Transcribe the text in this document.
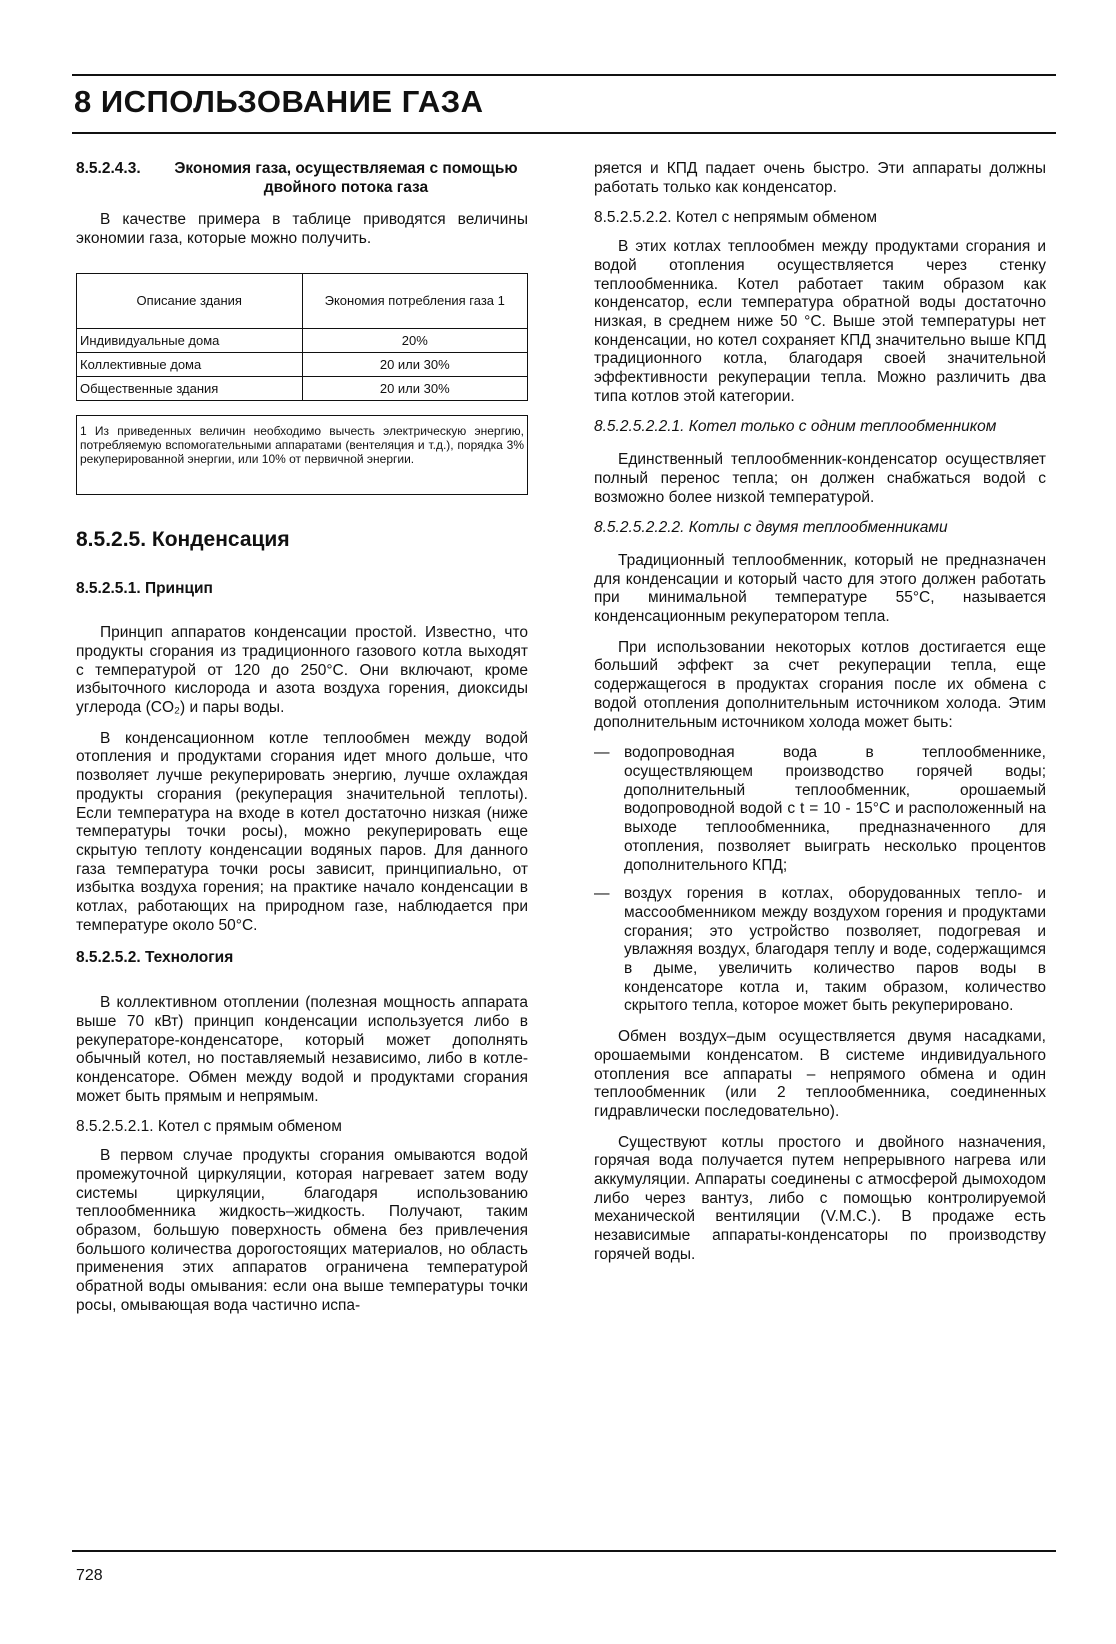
8 ИСПОЛЬЗОВАНИЕ ГАЗА
8.5.2.4.3. Экономия газа, осуществляемая с помощью двойного потока газа

В качестве примера в таблице приводятся величины экономии газа, которые можно получить.

Описание здания	Экономия потребления газа 1
Индивидуальные дома	20%
Коллективные дома	20 или 30%
Общественные здания	20 или 30%

1 Из приведенных величин необходимо вычесть электрическую энергию, потребляемую вспомогательными аппаратами (вентеляция и т.д.), порядка 3% рекуперированной энергии, или 10% от первичной энергии.	
8.5.2.5. Конденсация
8.5.2.5.1. Принцип

Принцип аппаратов конденсации простой. Известно, что продукты сгорания из традиционного газового котла выходят с температурой от 120 до 250°C. Они включают, кроме избыточного кислорода и азота воздуха горения, диоксиды углерода (CO₂) и пары воды.

В конденсационном котле теплообмен между водой отопления и продуктами сгорания идет много дольше, что позволяет лучше рекуперировать энергию, лучше охлаждая продукты сгорания (рекуперация значительной теплоты). Если температура на входе в котел достаточно низкая (ниже температуры точки росы), можно рекуперировать еще скрытую теплоту конденсации водяных паров. Для данного газа температура точки росы зависит, принципиально, от избытка воздуха горения; на практике начало конденсации в котлах, работающих на природном газе, наблюдается при температуре около 50°C.

8.5.2.5.2. Технология

В коллективном отоплении (полезная мощность аппарата выше 70 кВт) принцип конденсации используется либо в рекуператоре-конденсаторе, который может дополнять обычный котел, но поставляемый независимо, либо в котле-конденсаторе. Обмен между водой и продуктами сгорания может быть прямым и непрямым.

8.5.2.5.2.1. Котел с прямым обменом

В первом случае продукты сгорания омываются водой промежуточной циркуляции, которая нагревает затем воду системы циркуляции, благодаря использованию теплообменника жидкость–жидкость. Получают, таким образом, большую поверхность обмена без привлечения большого количества дорогостоящих материалов, но область применения этих аппаратов ограничена температурой обратной воды омывания: если она выше температуры точки росы, омывающая вода частично испа-

ряется и КПД падает очень быстро. Эти аппараты должны работать только как конденсатор.

8.5.2.5.2.2. Котел с непрямым обменом

В этих котлах теплообмен между продуктами сгорания и водой отопления осуществляется через стенку теплообменника. Котел работает таким образом как конденсатор, если температура обратной воды достаточно низкая, в среднем ниже 50 °C. Выше этой температуры нет конденсации, но котел сохраняет КПД значительно выше КПД традиционного котла, благодаря своей значительной эффективности рекуперации тепла. Можно различить два типа котлов этой категории.

8.5.2.5.2.2.1. Котел только с одним теплообменником

Единственный теплообменник-конденсатор осуществляет полный перенос тепла; он должен снабжаться водой с возможно более низкой температурой.

8.5.2.5.2.2.2. Котлы с двумя теплообменниками

Традиционный теплообменник, который не предназначен для конденсации и который часто для этого должен работать при минимальной температуре 55°C, называется конденсационным рекуператором тепла.

При использовании некоторых котлов достигается еще больший эффект за счет рекуперации тепла, еще содержащегося в продуктах сгорания после их обмена с водой отопления дополнительным источником холода. Этим дополнительным источником холода может быть:

— водопроводная вода в теплообменнике, осуществляющем производство горячей воды; дополнительный теплообменник, орошаемый водопроводной водой с t = 10 - 15°C и расположенный на выходе теплообменника, предназначенного для отопления, позволяет выиграть несколько процентов дополнительного КПД;
— воздух горения в котлах, оборудованных тепло- и массообменником между воздухом горения и продуктами сгорания; это устройство позволяет, подогревая и увлажняя воздух, благодаря теплу и воде, содержащимся в дыме, увеличить количество паров воды в конденсаторе котла и, таким образом, количество скрытого тепла, которое может быть рекуперировано.

Обмен воздух–дым осуществляется двумя насадками, орошаемыми конденсатом. В системе индивидуального отопления все аппараты – непрямого обмена и один теплообменник (или 2 теплообменника, соединенных гидравлически последовательно).

Существуют котлы простого и двойного назначения, горячая вода получается путем непрерывного нагрева или аккумуляции. Аппараты соединены с атмосферой дымоходом либо через вантуз, либо с помощью контролируемой механической вентиляции (V.M.C.). В продаже есть независимые аппараты-конденсаторы по производству горячей воды.

728
